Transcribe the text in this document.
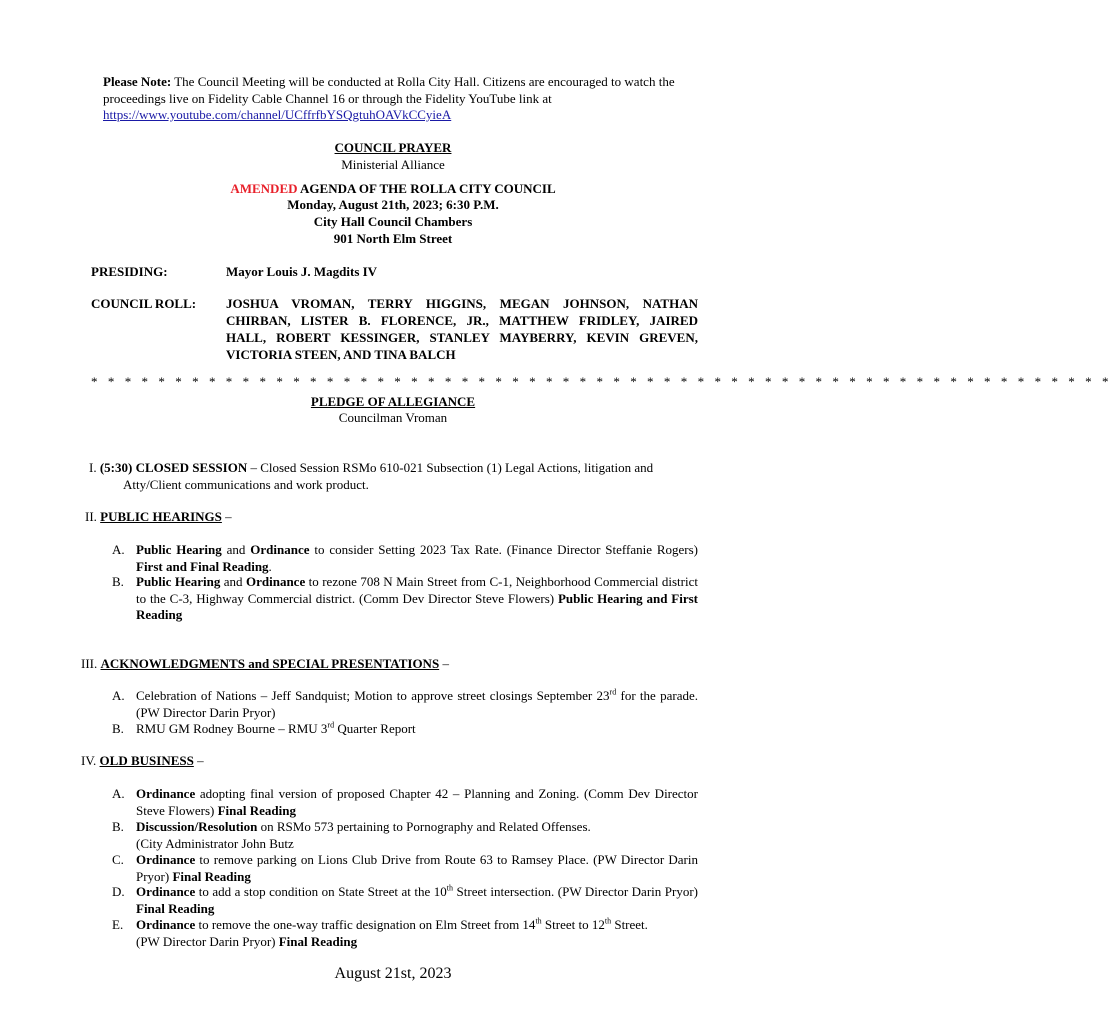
Please Note: The Council Meeting will be conducted at Rolla City Hall. Citizens are encouraged to watch the proceedings live on Fidelity Cable Channel 16 or through the Fidelity YouTube link at
https://www.youtube.com/channel/UCffrfbYSQgtuhOAVkCCyieA
COUNCIL PRAYER
Ministerial Alliance
AMENDED AGENDA OF THE ROLLA CITY COUNCIL
Monday, August 21th, 2023; 6:30 P.M.
City Hall Council Chambers
901 North Elm Street
PRESIDING:	Mayor Louis J. Magdits IV
COUNCIL ROLL: JOSHUA VROMAN, TERRY HIGGINS, MEGAN JOHNSON, NATHAN
CHIRBAN, LISTER B. FLORENCE, JR., MATTHEW FRIDLEY, JAIRED
HALL, ROBERT KESSINGER, STANLEY MAYBERRY, KEVIN GREVEN,
VICTORIA STEEN, AND TINA BALCH
* * * * * * * * * * * * * * * * * * * * * * * * * * * * * * * * * * * * * * * * * * * * * * * * * * * * * * * * * * * * *
PLEDGE OF ALLEGIANCE
Councilman Vroman
I. (5:30) CLOSED SESSION – Closed Session RSMo 610-021 Subsection (1) Legal Actions, litigation and
Atty/Client communications and work product.
II. PUBLIC HEARINGS –
A. Public Hearing and Ordinance to consider Setting 2023 Tax Rate. (Finance Director Steffanie Rogers) First and Final Reading.
B. Public Hearing and Ordinance to rezone 708 N Main Street from C-1, Neighborhood Commercial district to the C-3, Highway Commercial district. (Comm Dev Director Steve Flowers) Public Hearing and First Reading
III. ACKNOWLEDGMENTS and SPECIAL PRESENTATIONS –
A. Celebration of Nations – Jeff Sandquist; Motion to approve street closings September 23rd for the parade. (PW Director Darin Pryor)
B. RMU GM Rodney Bourne – RMU 3rd Quarter Report
IV. OLD BUSINESS –
A. Ordinance adopting final version of proposed Chapter 42 – Planning and Zoning. (Comm Dev Director Steve Flowers) Final Reading
B. Discussion/Resolution on RSMo 573 pertaining to Pornography and Related Offenses.
(City Administrator John Butz
C. Ordinance to remove parking on Lions Club Drive from Route 63 to Ramsey Place. (PW Director Darin Pryor) Final Reading
D. Ordinance to add a stop condition on State Street at the 10th Street intersection. (PW Director Darin Pryor) Final Reading
E. Ordinance to remove the one-way traffic designation on Elm Street from 14th Street to 12th Street.
(PW Director Darin Pryor) Final Reading
August 21st, 2023
